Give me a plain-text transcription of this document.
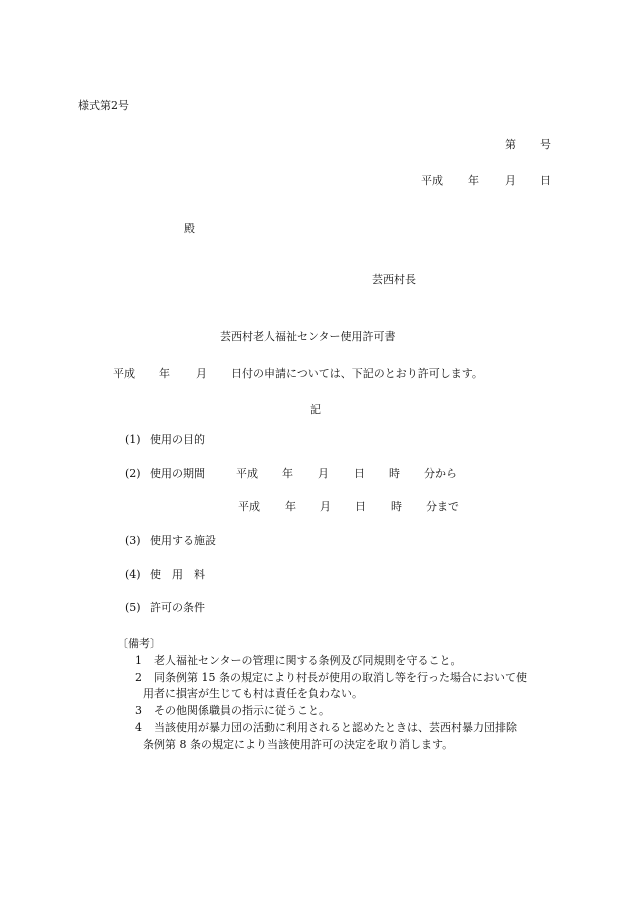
様式第2号
第 号
平成 年 月 日
殿
芸西村長
芸西村老人福祉センター使用許可書
平成 年 月 日付の申請については、下記のとおり許可します。
記
(1) 使用の目的
(2) 使用の期間	平成 年 月 日 時 分から
平成 年 月 日 時 分まで
(3) 使用する施設
(4) 使　用　料
(5) 許可の条件
〔備考〕
1 老人福祉センターの管理に関する条例及び同規則を守ること。
2 同条例第 15 条の規定により村長が使用の取消し等を行った場合において使
用者に損害が生じても村は責任を負わない。
3 その他関係職員の指示に従うこと。
4 当該使用が暴力団の活動に利用されると認めたときは、芸西村暴力団排除
条例第 8 条の規定により当該使用許可の決定を取り消します。
